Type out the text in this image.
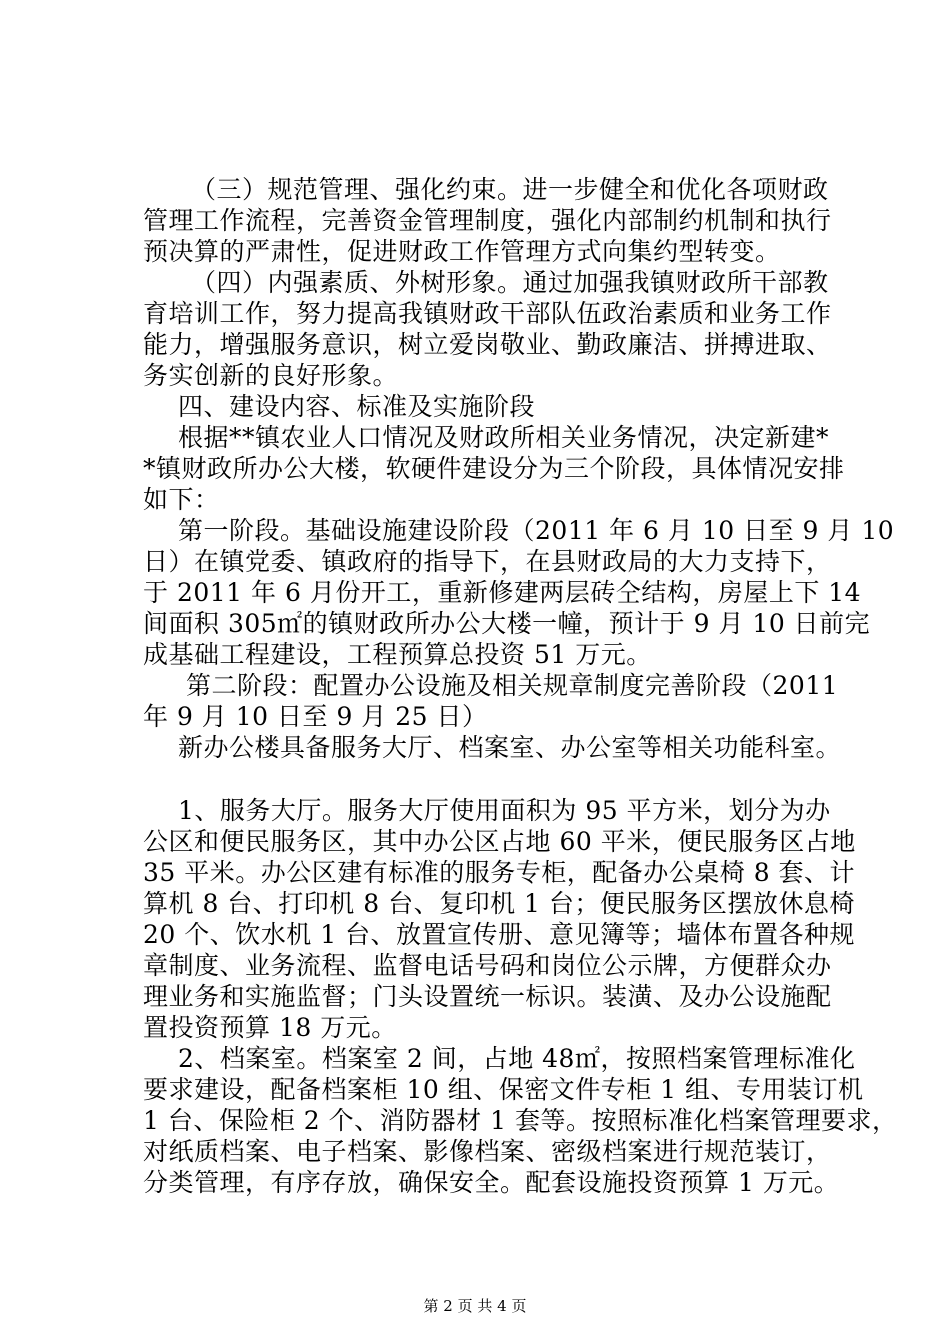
（三）规范管理、强化约束。进一步健全和优化各项财政
管理工作流程，完善资金管理制度，强化内部制约机制和执行
预决算的严肃性，促进财政工作管理方式向集约型转变。
（四）内强素质、外树形象。通过加强我镇财政所干部教
育培训工作，努力提高我镇财政干部队伍政治素质和业务工作
能力，增强服务意识，树立爱岗敬业、勤政廉洁、拼搏进取、
务实创新的良好形象。
四、建设内容、标准及实施阶段
根据**镇农业人口情况及财政所相关业务情况，决定新建*
*镇财政所办公大楼，软硬件建设分为三个阶段，具体情况安排
如下：
第一阶段。基础设施建设阶段（2011 年 6 月 10 日至 9 月 10
日）在镇党委、镇政府的指导下，在县财政局的大力支持下，
于 2011 年 6 月份开工，重新修建两层砖仝结构，房屋上下 14
间面积 305㎡的镇财政所办公大楼一幢，预计于 9 月 10 日前完
成基础工程建设，工程预算总投资 51 万元。
第二阶段：配置办公设施及相关规章制度完善阶段（2011
年 9 月 10 日至 9 月 25 日）
新办公楼具备服务大厅、档案室、办公室等相关功能科室。
1、服务大厅。服务大厅使用面积为 95 平方米，划分为办
公区和便民服务区，其中办公区占地 60 平米，便民服务区占地
35 平米。办公区建有标准的服务专柜，配备办公桌椅 8 套、计
算机 8 台、打印机 8 台、复印机 1 台；便民服务区摆放休息椅
20 个、饮水机 1 台、放置宣传册、意见簿等；墙体布置各种规
章制度、业务流程、监督电话号码和岗位公示牌，方便群众办
理业务和实施监督；门头设置统一标识。装潢、及办公设施配
置投资预算 18 万元。
2、档案室。档案室 2 间，占地 48㎡，按照档案管理标准化
要求建设，配备档案柜 10 组、保密文件专柜 1 组、专用装订机
1 台、保险柜 2 个、消防器材 1 套等。按照标准化档案管理要求，
对纸质档案、电子档案、影像档案、密级档案进行规范装订，
分类管理，有序存放，确保安全。配套设施投资预算 1 万元。
第 2 页 共 4 页
